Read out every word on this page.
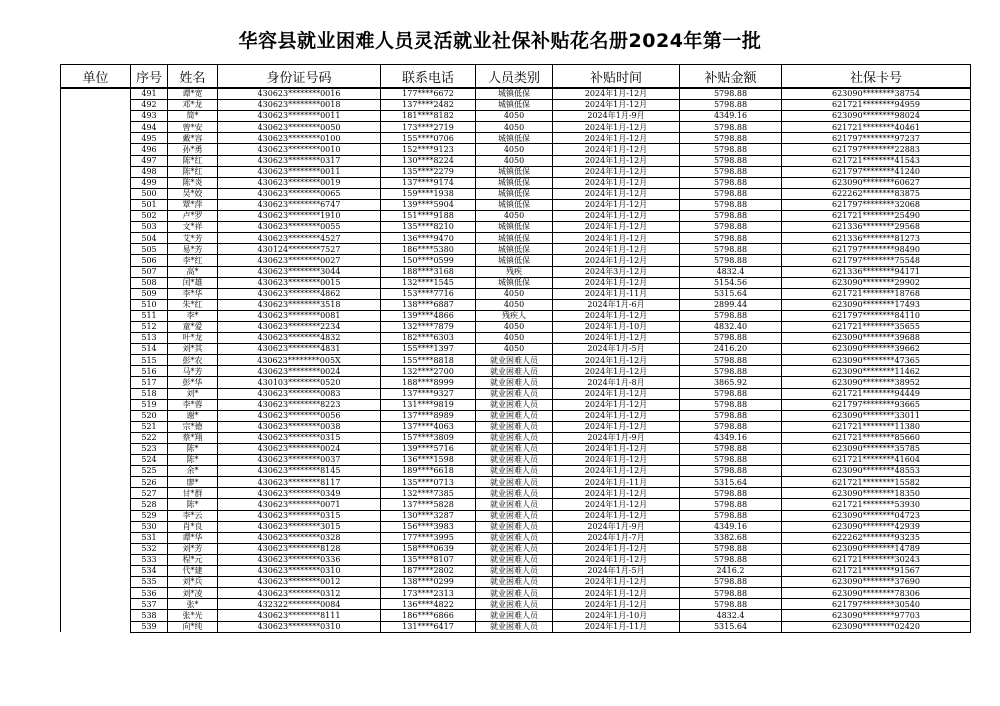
华容县就业困难人员灵活就业社保补贴花名册2024年第一批
单位	序号	姓名	身份证号码	联系电话	人员类别	补贴时间	补贴金额	社保卡号
	491	谭*宽	430623********0016	177****6672	城镇低保	2024年1月-12月	5798.88	623090********38754
	492	邓*龙	430623********0018	137****2482	城镇低保	2024年1月-12月	5798.88	621721********94959
	493	简*	430623********0011	181****8182	4050	2024年1月-9月	4349.16	623090********98024
	494	曾*安	430623********0050	173****2719	4050	2024年1月-12月	5798.88	621721********40461
	495	戴*容	430623********0100	155****0706	城镇低保	2024年1月-12月	5798.88	621797********97237
	496	孙*勇	430623********0010	152****9123	4050	2024年1月-12月	5798.88	621797********22883
	497	陈*红	430623********0317	130****8224	4050	2024年1月-12月	5798.88	621721********41543
	498	陈*红	430623********0011	135****2279	城镇低保	2024年1月-12月	5798.88	621797********41240
	499	陈*炎	430623********0019	137****9174	城镇低保	2024年1月-12月	5798.88	623090********60627
	500	吴*姣	430623********0065	159****1938	城镇低保	2024年1月-12月	5798.88	622262********83875
	501	覃*萍	430623********6747	139****5904	城镇低保	2024年1月-12月	5798.88	621797********32068
	502	卢*罗	430623********1910	151****9188	4050	2024年1月-12月	5798.88	621721********25490
	503	文*祥	430623********0055	135****8210	城镇低保	2024年1月-12月	5798.88	621336********29568
	504	艾*芳	430623********4527	136****9470	城镇低保	2024年1月-12月	5798.88	621336********81273
	505	易*芳	430124********7527	186****5380	城镇低保	2024年1月-12月	5798.88	621797********98490
	506	李*红	430623********0027	150****0599	城镇低保	2024年1月-12月	5798.88	621797********75548
	507	高*	430623********3044	188****3168	残疾	2024年3月-12月	4832.4	621336********94171
	508	闰*雄	430623********0015	132****1545	城镇低保	2024年1月-12月	5154.56	623090********29902
	509	李*华	430623********4862	153****7716	4050	2024年1月-11月	5315.64	621721********18768
	510	朱*红	430623********3518	138****6887	4050	2024年1月-6月	2899.44	623090********17493
	511	李*	430623********0081	139****4866	残疾人	2024年1月-12月	5798.88	621797********84110
	512	童*爱	430623********2234	132****7879	4050	2024年1月-10月	4832.40	621721********35655
	513	叶*龙	430623********4832	182****6303	4050	2024年1月-12月	5798.88	623090********39688
	514	刘*其	430623********4831	155****1397	4050	2024年1月-5月	2416.20	623090********39662
	515	彭*农	430623********005X	155****8818	就业困难人员	2024年1月-12月	5798.88	623090********47365
	516	马*芳	430623********0024	132****2700	就业困难人员	2024年1月-12月	5798.88	623090********11462
	517	彭*华	430103********0520	188****8999	就业困难人员	2024年1月-8月	3865.92	623090********38952
	518	刘*	430623********0083	137****9327	就业困难人员	2024年1月-12月	5798.88	621721********94449
	519	李*蓉	430623********8223	131****9819	就业困难人员	2024年1月-12月	5798.88	621797********93665
	520	谢*	430623********0056	137****8989	就业困难人员	2024年1月-12月	5798.88	623090********33011
	521	宗*德	430623********0038	137****4063	就业困难人员	2024年1月-12月	5798.88	621721********11380
	522	蔡*翔	430623********0315	157****3809	就业困难人员	2024年1月-9月	4349.16	621721********85660
	523	陈*	430623********0024	139****5716	就业困难人员	2024年1月-12月	5798.88	623090********35785
	524	陈*	430623********0037	136****1598	就业困难人员	2024年1月-12月	5798.88	621721********41604
	525	余*	430623********8145	189****6618	就业困难人员	2024年1月-12月	5798.88	623090********48553
	526	廖*	430623********8117	135****0713	就业困难人员	2024年1月-11月	5315.64	621721********15582
	527	甘*群	430623********0349	132****7385	就业困难人员	2024年1月-12月	5798.88	623090********18350
	528	陈*	430623********0071	137****5828	就业困难人员	2024年1月-12月	5798.88	621721********53930
	529	李*云	430623********0315	130****3287	就业困难人员	2024年1月-12月	5798.88	623090********04723
	530	肖*良	430623********3015	156****3983	就业困难人员	2024年1月-9月	4349.16	623090********42939
	531	谭*华	430623********0328	177****3995	就业困难人员	2024年1月-7月	3382.68	622262********93235
	532	刘*芳	430623********8128	158****0639	就业困难人员	2024年1月-12月	5798.88	623090********14789
	533	程*元	430623********0336	135****8107	就业困难人员	2024年1月-12月	5798.88	621721********30243
	534	代*建	430623********0310	187****2802	就业困难人员	2024年1月-5月	2416.2	621721********91567
	535	刘*兵	430623********0012	138****0299	就业困难人员	2024年1月-12月	5798.88	623090********37690
	536	刘*凌	430623********0312	173****2313	就业困难人员	2024年1月-12月	5798.88	623090********78306
	537	张*	432322********0084	136****4822	就业困难人员	2024年1月-12月	5798.88	621797********30540
	538	张*光	430623********8111	186****6866	就业困难人员	2024年1月-10月	4832.4	623090********97703
	539	向*纯	430623********0310	131****6417	就业困难人员	2024年1月-11月	5315.64	623090********02420
